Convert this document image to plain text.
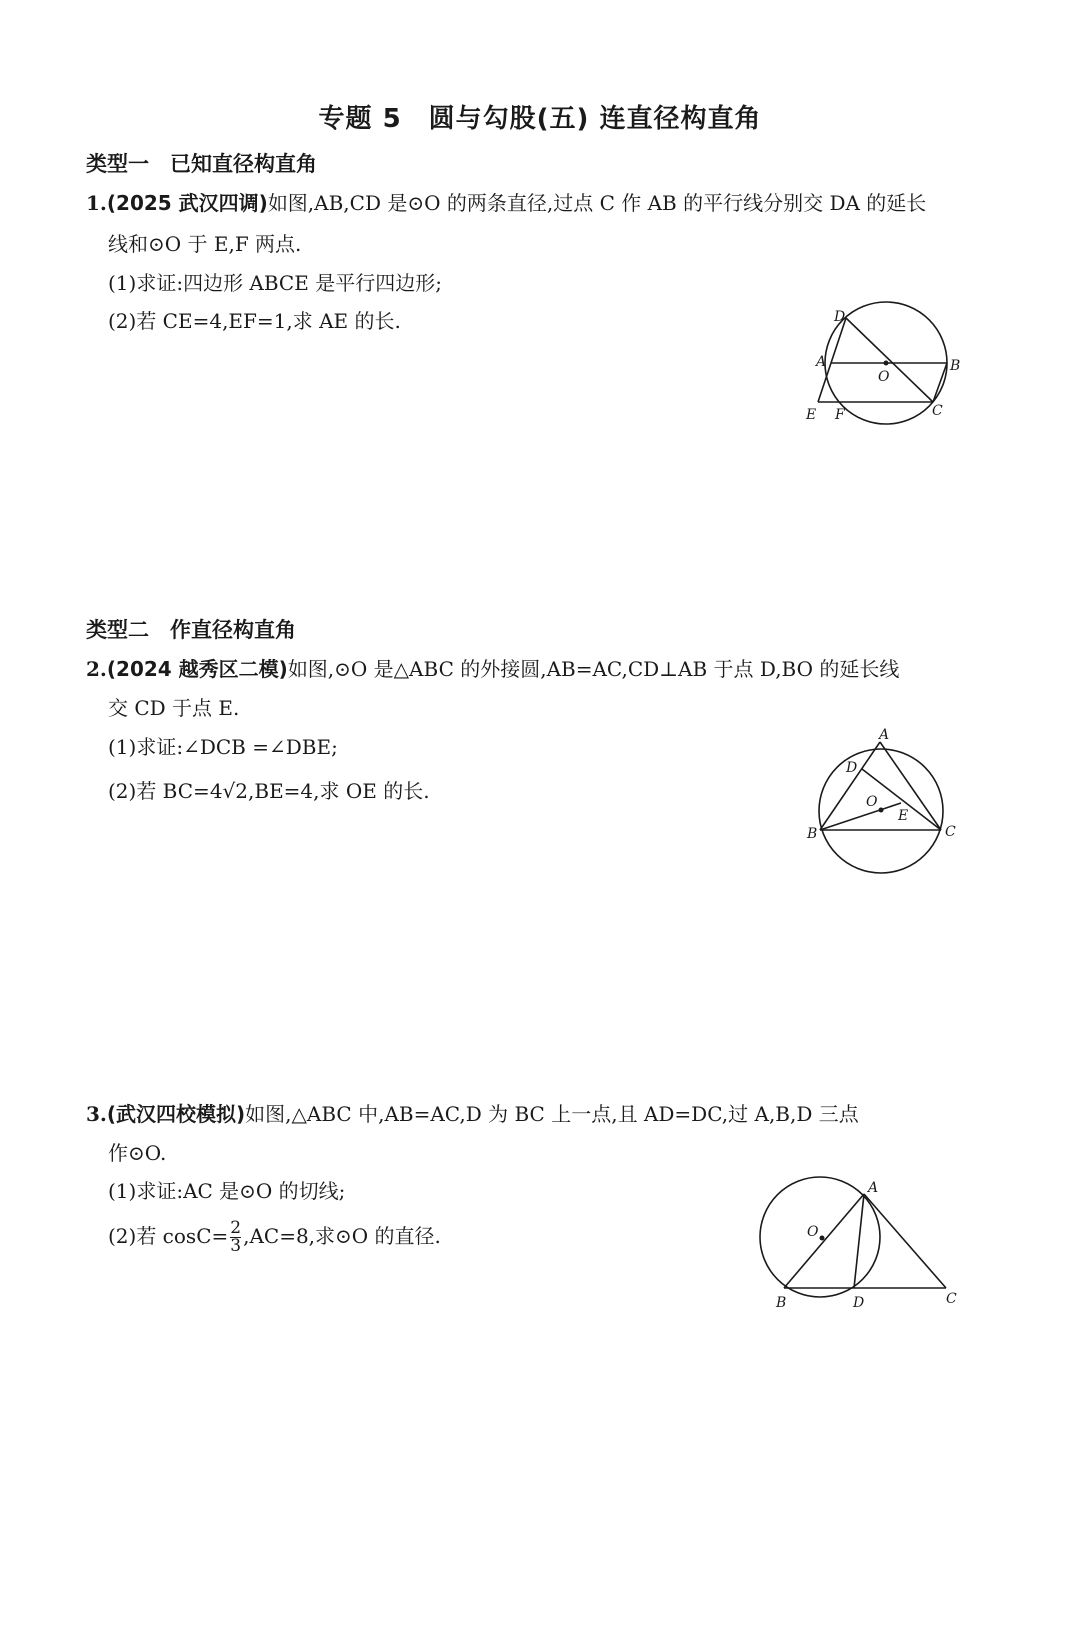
专题 5　圆与勾股(五) 连直径构直角
类型一　已知直径构直角
1.(2025 武汉四调)如图,AB,CD 是⊙O 的两条直径,过点 C 作 AB 的平行线分别交 DA 的延长
线和⊙O 于 E,F 两点.
(1)求证:四边形 ABCE 是平行四边形;
(2)若 CE=4,EF=1,求 AE 的长.	D
A
O
B
E F	C
类型二　作直径构直角
2.(2024 越秀区二模)如图,⊙O 是△ABC 的外接圆,AB=AC,CD⊥AB 于点 D,BO 的延长线
交 CD 于点 E.
(1)求证:∠DCB =∠DBE;
(2)若 BC=4√2,BE=4,求 OE 的长.
A
D
O
E
B	C
3.(武汉四校模拟)如图,△ABC 中,AB=AC,D 为 BC 上一点,且 AD=DC,过 A,B,D 三点
作⊙O.
(1)求证:AC 是⊙O 的切线;
(2)若 $\cos C= \frac{2}{3} ,AC=8$,求⊙O 的直径.
A
O
B	D	C
